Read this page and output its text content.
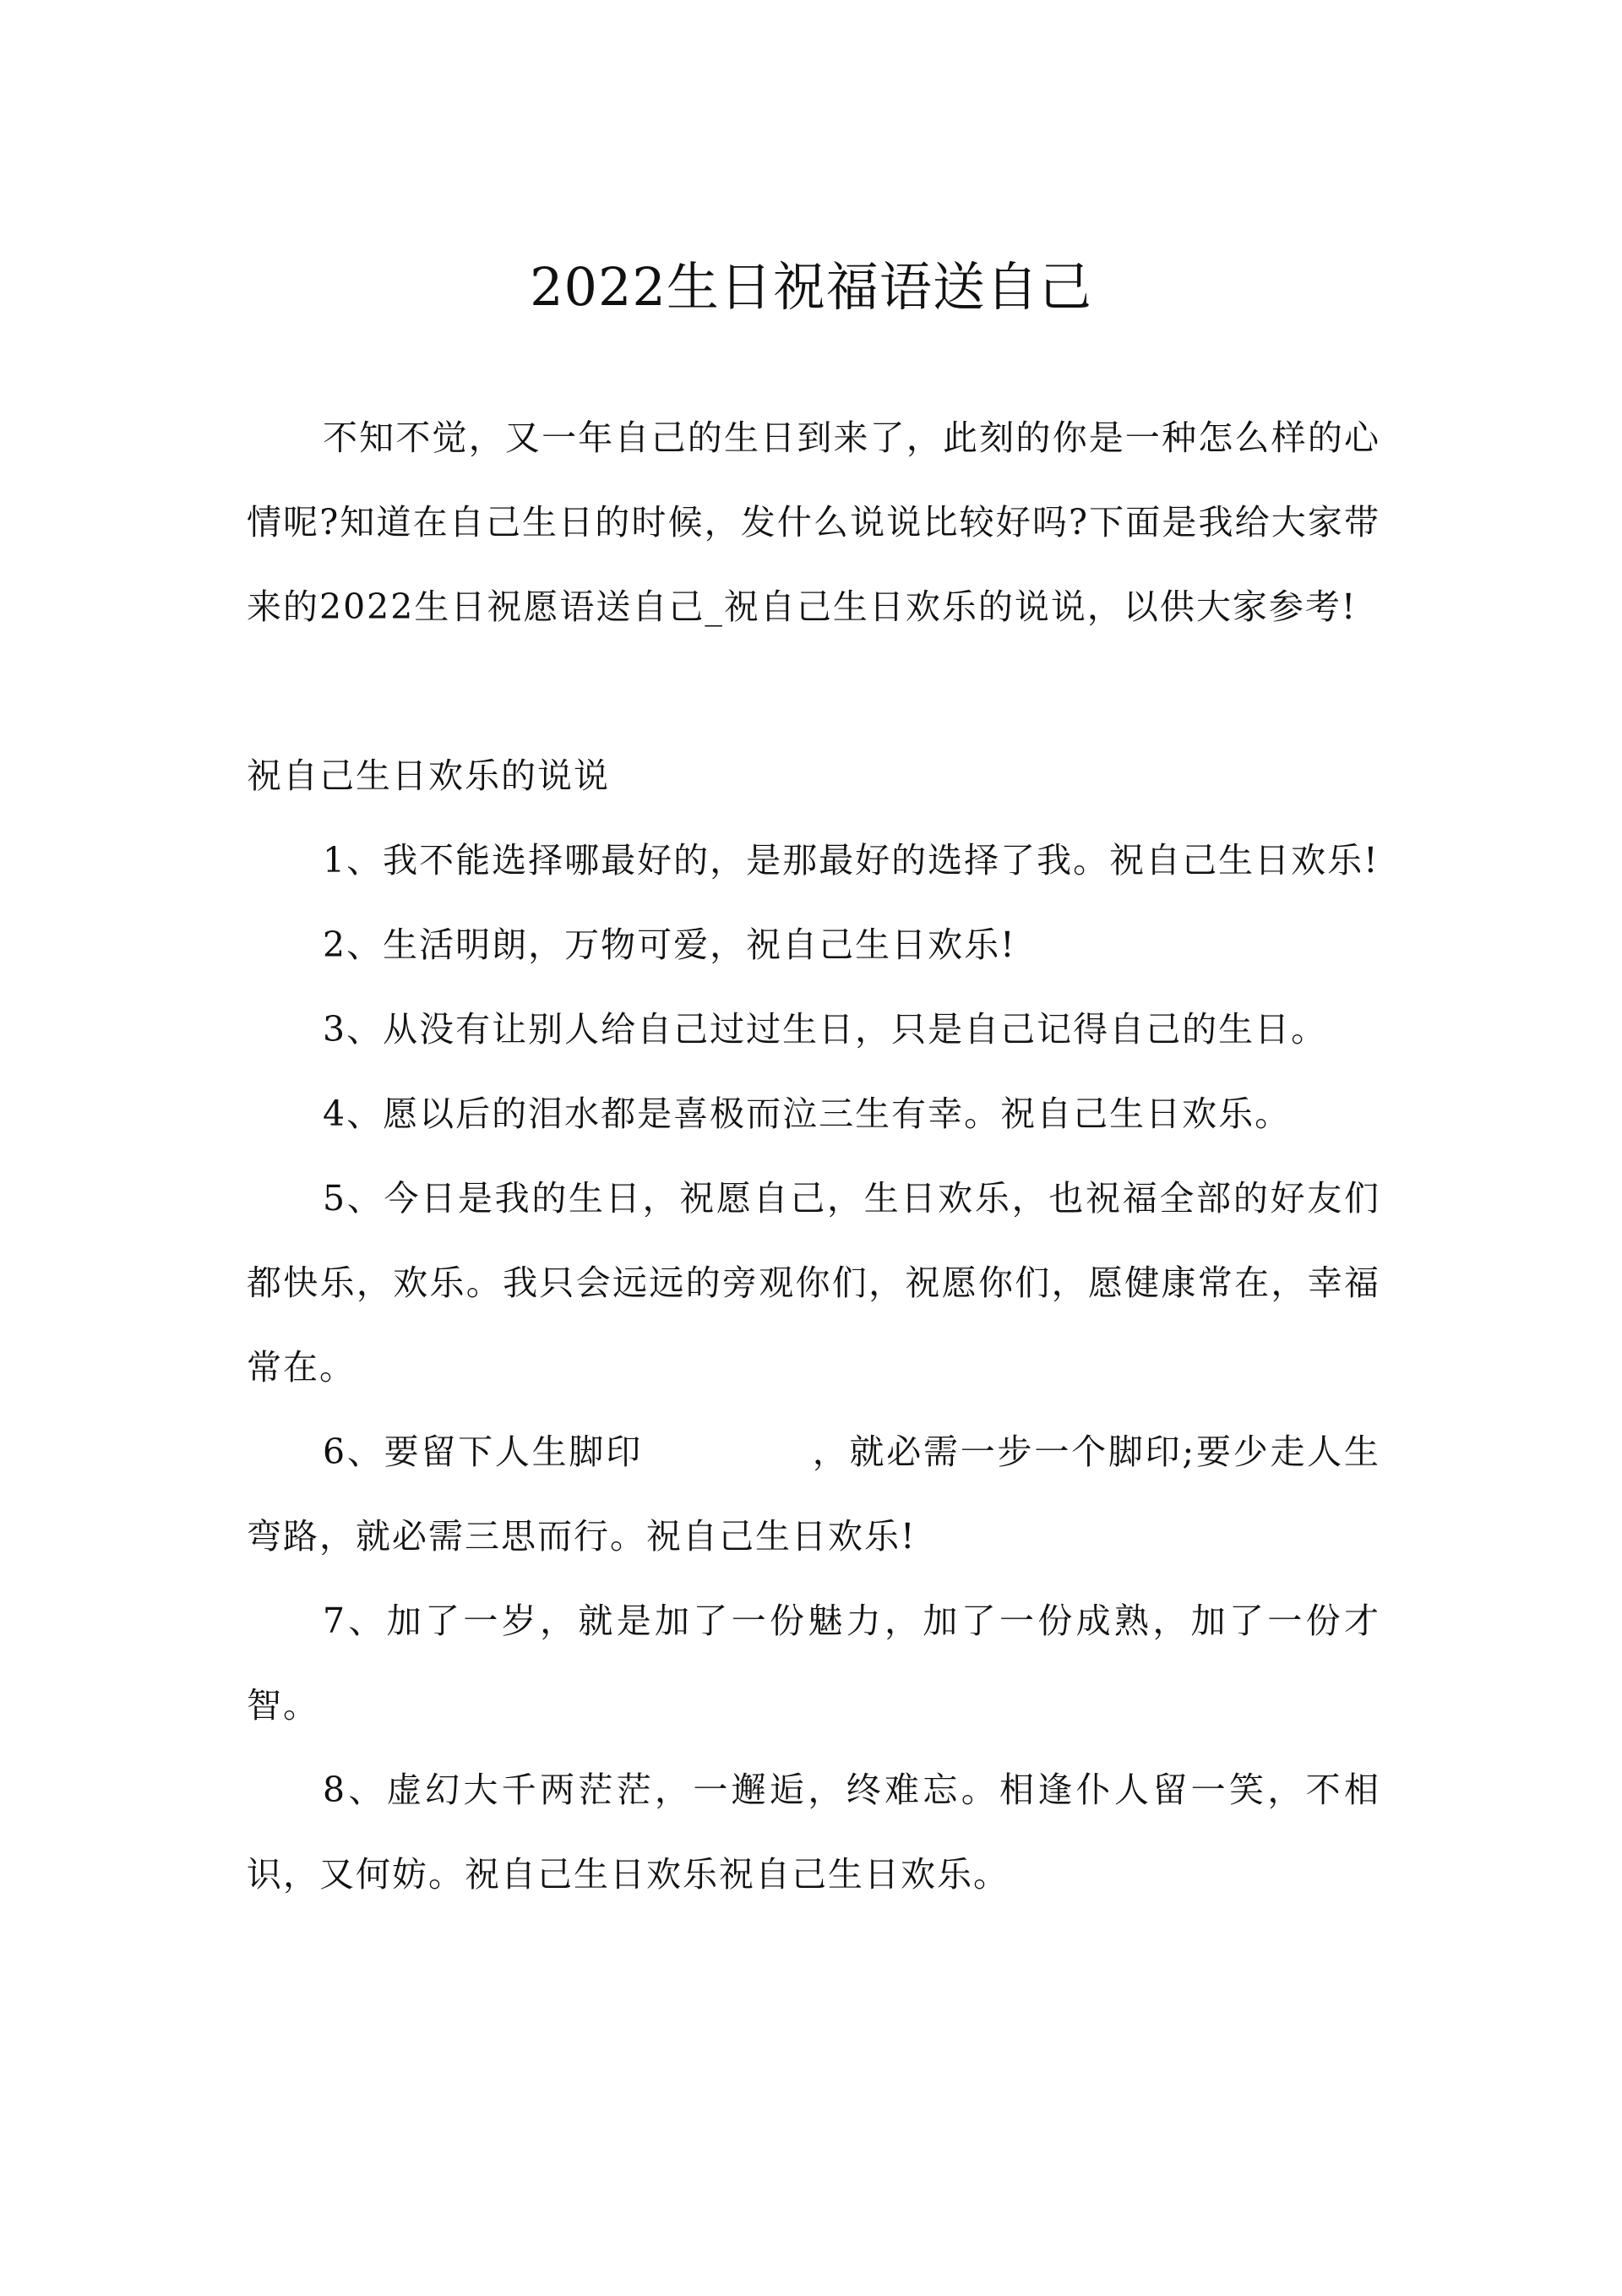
2022生日祝福语送自己

不知不觉，又一年自己的生日到来了，此刻的你是一种怎么样的心情呢?知道在自己生日的时候，发什么说说比较好吗?下面是我给大家带来的2022生日祝愿语送自己_祝自己生日欢乐的说说，以供大家参考!

祝自己生日欢乐的说说

1、我不能选择哪最好的，是那最好的选择了我。祝自己生日欢乐!

2、生活明朗，万物可爱，祝自己生日欢乐!

3、从没有让别人给自己过过生日，只是自己记得自己的生日。

4、愿以后的泪水都是喜极而泣三生有幸。祝自己生日欢乐。

5、今日是我的生日，祝愿自己，生日欢乐，也祝福全部的好友们都快乐，欢乐。我只会远远的旁观你们，祝愿你们，愿健康常在，幸福常在。

6、要留下人生脚印	，就必需一步一个脚印;要少走人生弯路，就必需三思而行。祝自己生日欢乐!

7、加了一岁，就是加了一份魅力，加了一份成熟，加了一份才智。

8、虚幻大千两茫茫，一邂逅，终难忘。相逢仆人留一笑，不相识，又何妨。祝自己生日欢乐祝自己生日欢乐。
